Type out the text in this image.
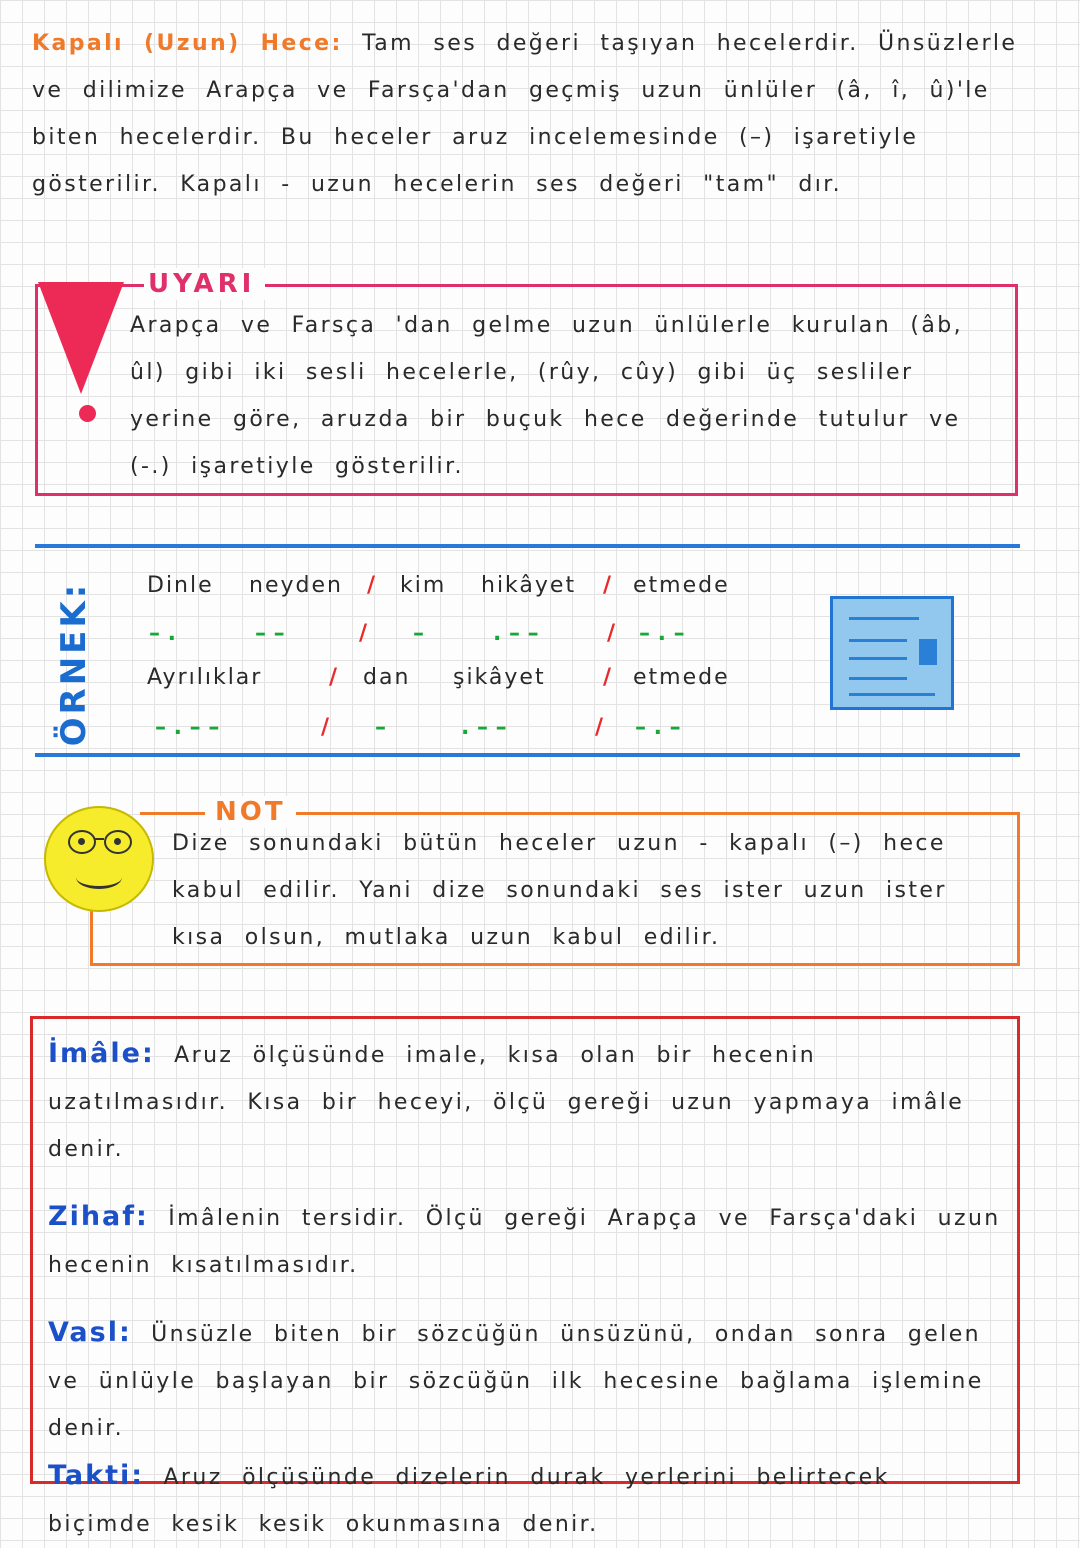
Kapalı (Uzun) Hece: Tam ses değeri taşıyan hecelerdir. Ünsüzlerle ve dilimize Arapça ve Farsça'dan geçmiş uzun ünlüler (â, î, û)'le biten hecelerdir. Bu heceler aruz incelemesinde (–) işaretiyle gösterilir. Kapalı - uzun hecelerin ses değeri "tam" dır.
UYARI
Arapça ve Farsça 'dan gelme uzun ünlülerle kurulan (âb, ûl) gibi iki sesli hecelerle, (rûy, cûy) gibi üç sesliler yerine göre, aruzda bir buçuk hece değerinde tutulur ve (-.) işaretiyle gösterilir.
ÖRNEK: Dinle neyden / kim hikâyet / etmede
– .	– –	/ –	. – –	/ – . –
Ayrılıklar	/ dan şikâyet	/ etmede
– . – –	/ –	. – –	/ – . –
NOT
Dize sonundaki bütün heceler uzun - kapalı (–) hece kabul edilir. Yani dize sonundaki ses ister uzun ister kısa olsun, mutlaka uzun kabul edilir.
İmâle: Aruz ölçüsünde imale, kısa olan bir hecenin uzatılmasıdır. Kısa bir heceyi, ölçü gereği uzun yapmaya imâle denir.
Zihaf: İmâlenin tersidir. Ölçü gereği Arapça ve Farsça'daki uzun hecenin kısatılmasıdır.
Vasl: Ünsüzle biten bir sözcüğün ünsüzünü, ondan sonra gelen ve ünlüyle başlayan bir sözcüğün ilk hecesine bağlama işlemine denir.
Takti: Aruz ölçüsünde dizelerin durak yerlerini belirtecek biçimde kesik kesik okunmasına denir.
